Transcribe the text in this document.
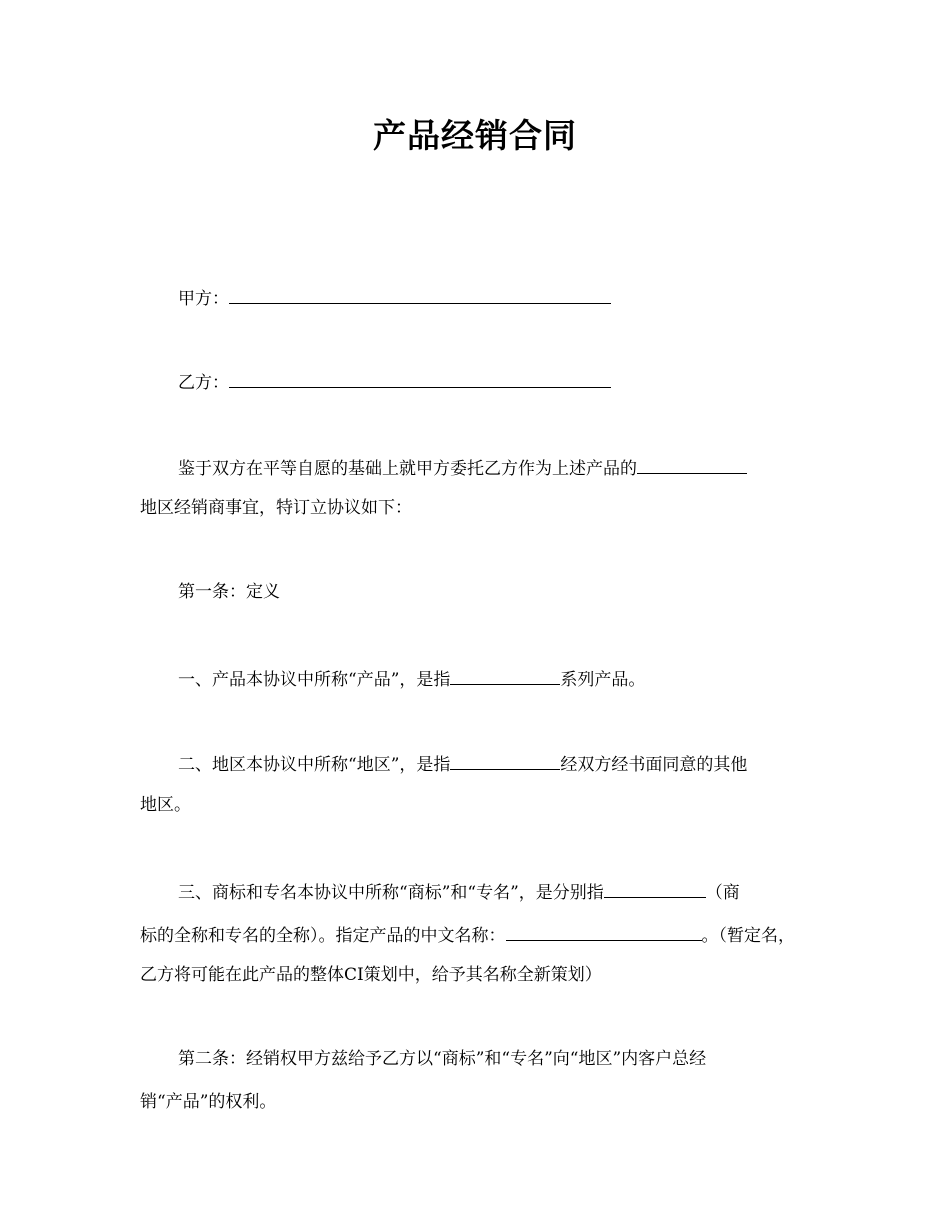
产品经销合同
甲方：
乙方：
鉴于双方在平等自愿的基础上就甲方委托乙方作为上述产品的
地区经销商事宜，特订立协议如下：
第一条：定义
一、产品本协议中所称“产品”，是指	系列产品。
二、地区本协议中所称“地区”，是指	经双方经书面同意的其他
地区。
三、商标和专名本协议中所称“商标”和“专名”，是分别指	（商
标的全称和专名的全称）。指定产品的中文名称：	。（暂定名，
乙方将可能在此产品的整体CI策划中，给予其名称全新策划）
第二条：经销权甲方兹给予乙方以“商标”和“专名”向“地区”内客户总经
销“产品”的权利。
